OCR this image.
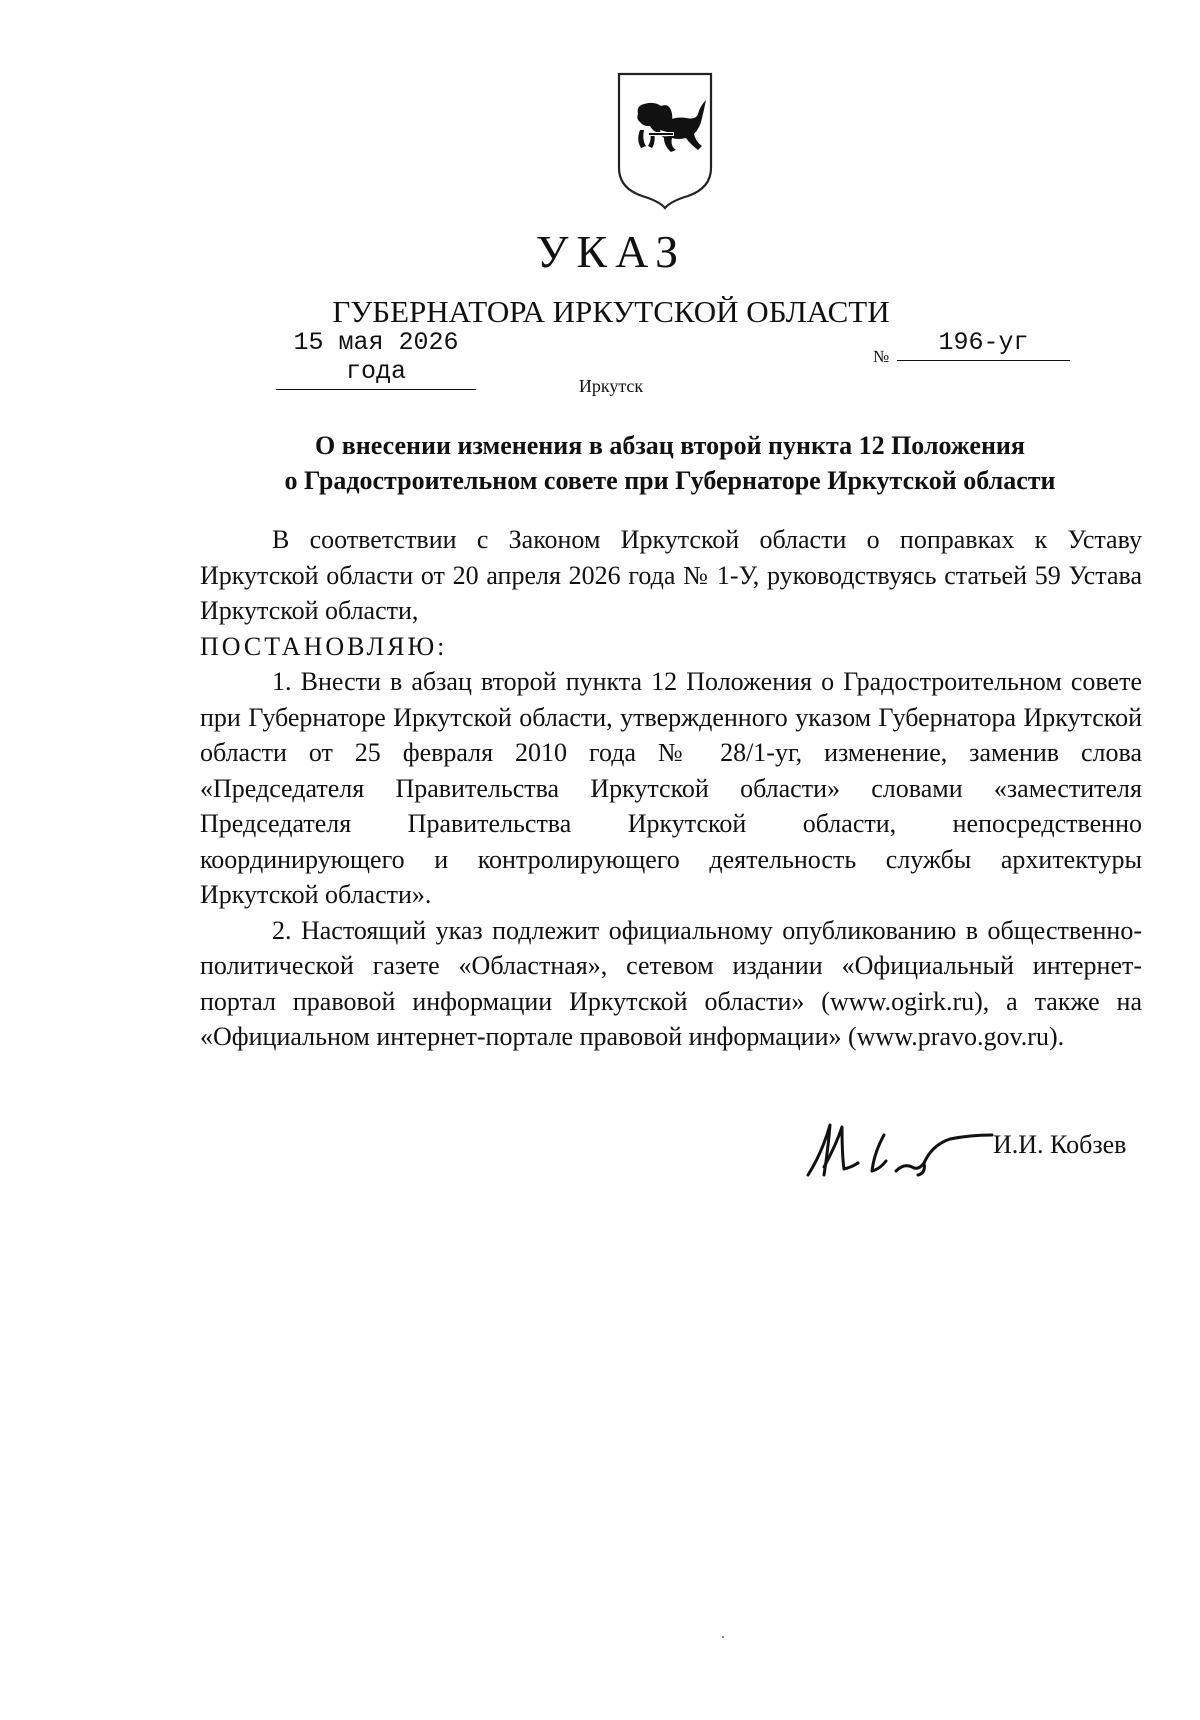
УКАЗ
ГУБЕРНАТОРА ИРКУТСКОЙ ОБЛАСТИ
15 мая 2026 года
№	196-уг
Иркутск
О внесении изменения в абзац второй пункта 12 Положения
о Градостроительном совете при Губернаторе Иркутской области

В соответствии с Законом Иркутской области о поправках к Уставу Иркутской области от 20 апреля 2026 года № 1-У, руководствуясь статьей 59 Устава Иркутской области,

ПОСТАНОВЛЯЮ:

1. Внести в абзац второй пункта 12 Положения о Градостроительном совете при Губернаторе Иркутской области, утвержденного указом Губернатора Иркутской области от 25 февраля 2010 года № 28/1-уг, изменение, заменив слова «Председателя Правительства Иркутской области» словами «заместителя Председателя Правительства Иркутской области, непосредственно координирующего и контролирующего деятельность службы архитектуры Иркутской области».

2. Настоящий указ подлежит официальному опубликованию в общественно-политической газете «Областная», сетевом издании «Официальный интернет-портал правовой информации Иркутской области» (www.ogirk.ru), а также на «Официальном интернет-портале правовой информации» (www.pravo.gov.ru).

И.И. Кобзев
